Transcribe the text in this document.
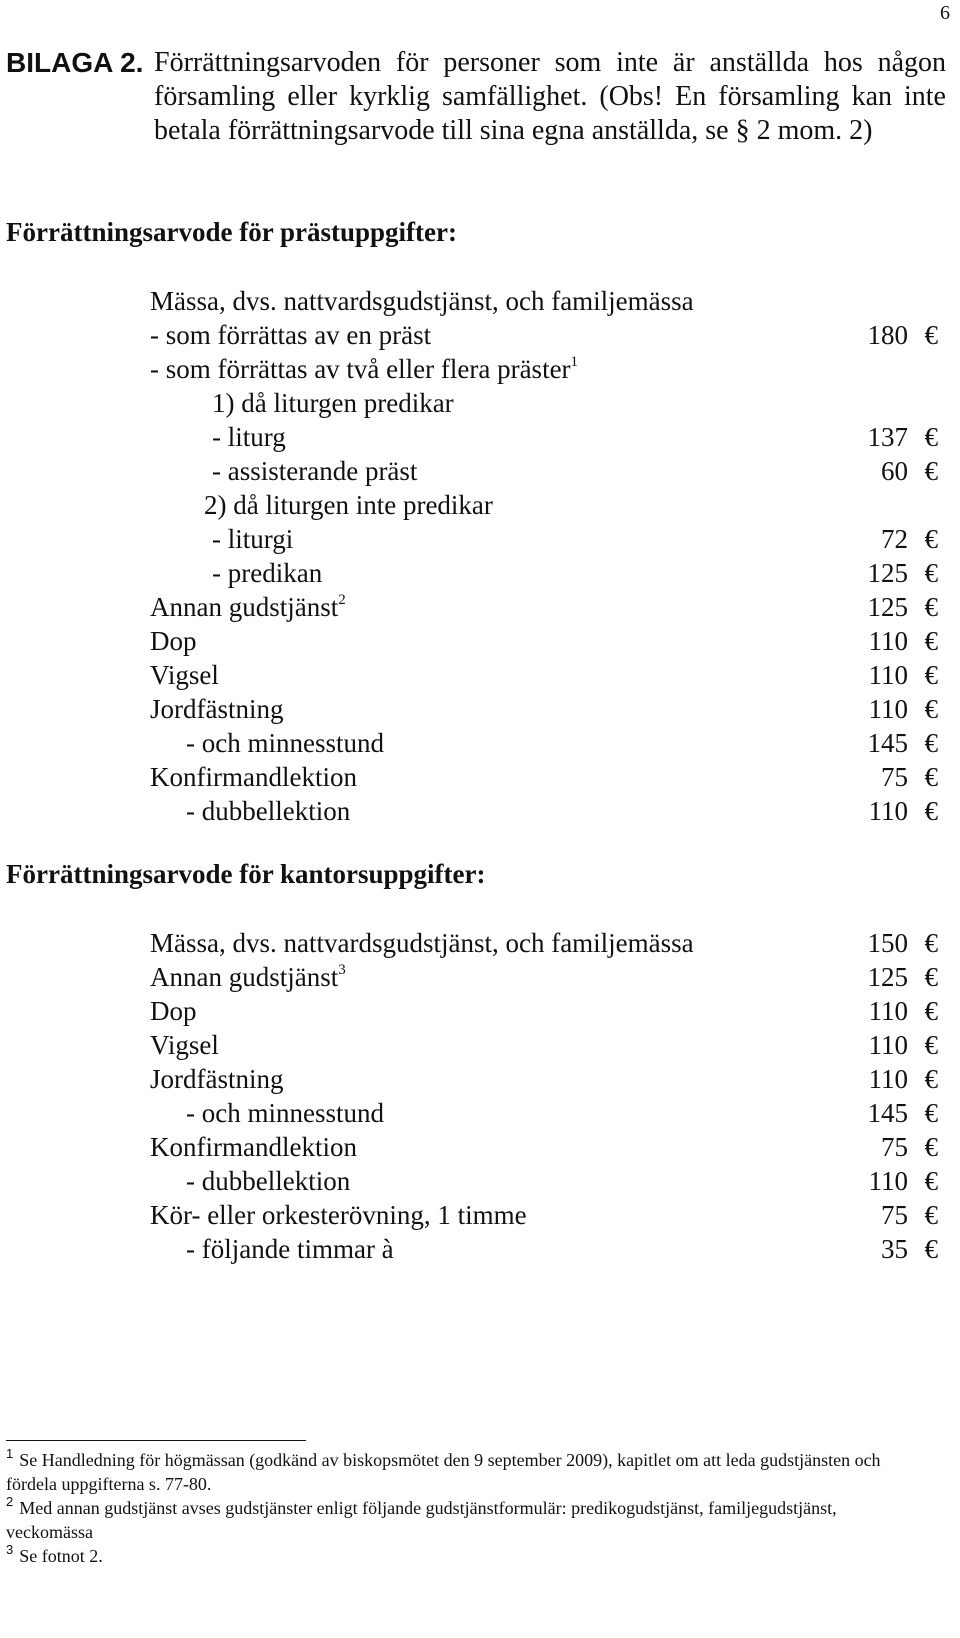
6
BILAGA 2. Förrättningsarvoden för personer som inte är anställda hos någon församling eller kyrklig samfällighet. (Obs! En församling kan inte betala förrättningsarvode till sina egna anställda, se § 2 mom. 2)
Förrättningsarvode för prästuppgifter:
Mässa, dvs. nattvardsgudstjänst, och familjemässa
- som förrättas av en präst	180 €
- som förrättas av två eller flera präster$^1$
1) då liturgen predikar
- liturg	137 €
- assisterande präst	60 €
2) då liturgen inte predikar
- liturgi	72 €
- predikan	125 €
Annan gudstjänst$^2$	125 €
Dop	110 €
Vigsel	110 €
Jordfästning	110 €
- och minnesstund	145 €
Konfirmandlektion	75 €
- dubbellektion	110 €
Förrättningsarvode för kantorsuppgifter:
Mässa, dvs. nattvardsgudstjänst, och familjemässa	150 €
Annan gudstjänst$^3$	125 €
Dop	110 €
Vigsel	110 €
Jordfästning	110 €
- och minnesstund	145 €
Konfirmandlektion	75 €
- dubbellektion	110 €
Kör- eller orkesterövning, 1 timme	75 €
- följande timmar à	35 €
$^1$ Se Handledning för högmässan (godkänd av biskopsmötet den 9 september 2009), kapitlet om att leda gudstjänsten och fördela uppgifterna s. 77-80.
$^2$ Med annan gudstjänst avses gudstjänster enligt följande gudstjänstformulär: predikogudstjänst, familjegudstjänst, veckomässa
$^3$ Se fotnot 2.
